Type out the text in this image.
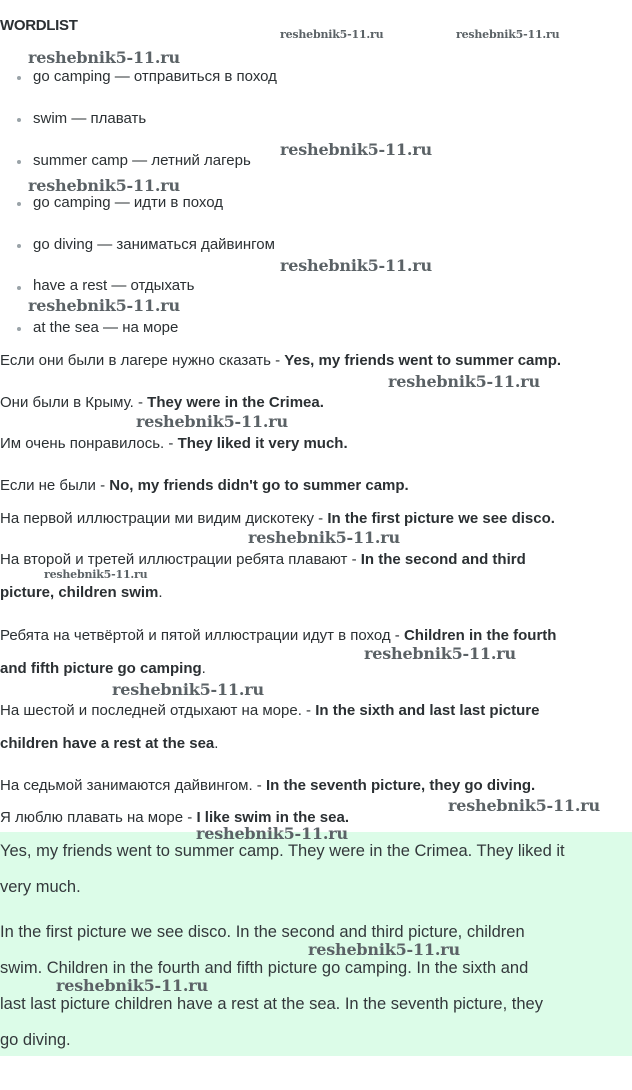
WORDLIST
go camping — отправиться в поход
swim — плавать
summer camp — летний лагерь
go camping — идти в поход
go diving — заниматься дайвингом
have a rest — отдыхать
at the sea — на море
Если они были в лагере нужно сказать - Yes, my friends went to summer camp.
Они были в Крыму. - They were in the Crimea.
Им очень понравилось. - They liked it very much.
Если не были - No, my friends didn't go to summer camp.
На первой иллюстрации ми видим дискотеку - In the first picture we see disco.
На второй и третей иллюстрации ребята плавают - In the second and third
picture, children swim.
Ребята на четвёртой и пятой иллюстрации идут в поход - Children in the fourth
and fifth picture go camping.
На шестой и последней отдыхают на море. - In the sixth and last last picture
children have a rest at the sea.
На седьмой занимаются дайвингом. - In the seventh picture, they go diving.
Я люблю плавать на море - I like swim in the sea.
Yes, my friends went to summer camp. They were in the Crimea. They liked it
very much.
In the first picture we see disco. In the second and third picture, children
swim. Children in the fourth and fifth picture go camping. In the sixth and
last last picture children have a rest at the sea. In the seventh picture, they
go diving.
reshebnik5-11.ru	reshebnik5-11.ru
reshebnik5-11.ru
reshebnik5-11.ru
reshebnik5-11.ru
reshebnik5-11.ru
reshebnik5-11.ru
reshebnik5-11.ru
reshebnik5-11.ru
reshebnik5-11.ru
reshebnik5-11.ru
reshebnik5-11.ru
reshebnik5-11.ru
reshebnik5-11.ru
reshebnik5-11.ru
reshebnik5-11.ru
reshebnik5-11.ru
